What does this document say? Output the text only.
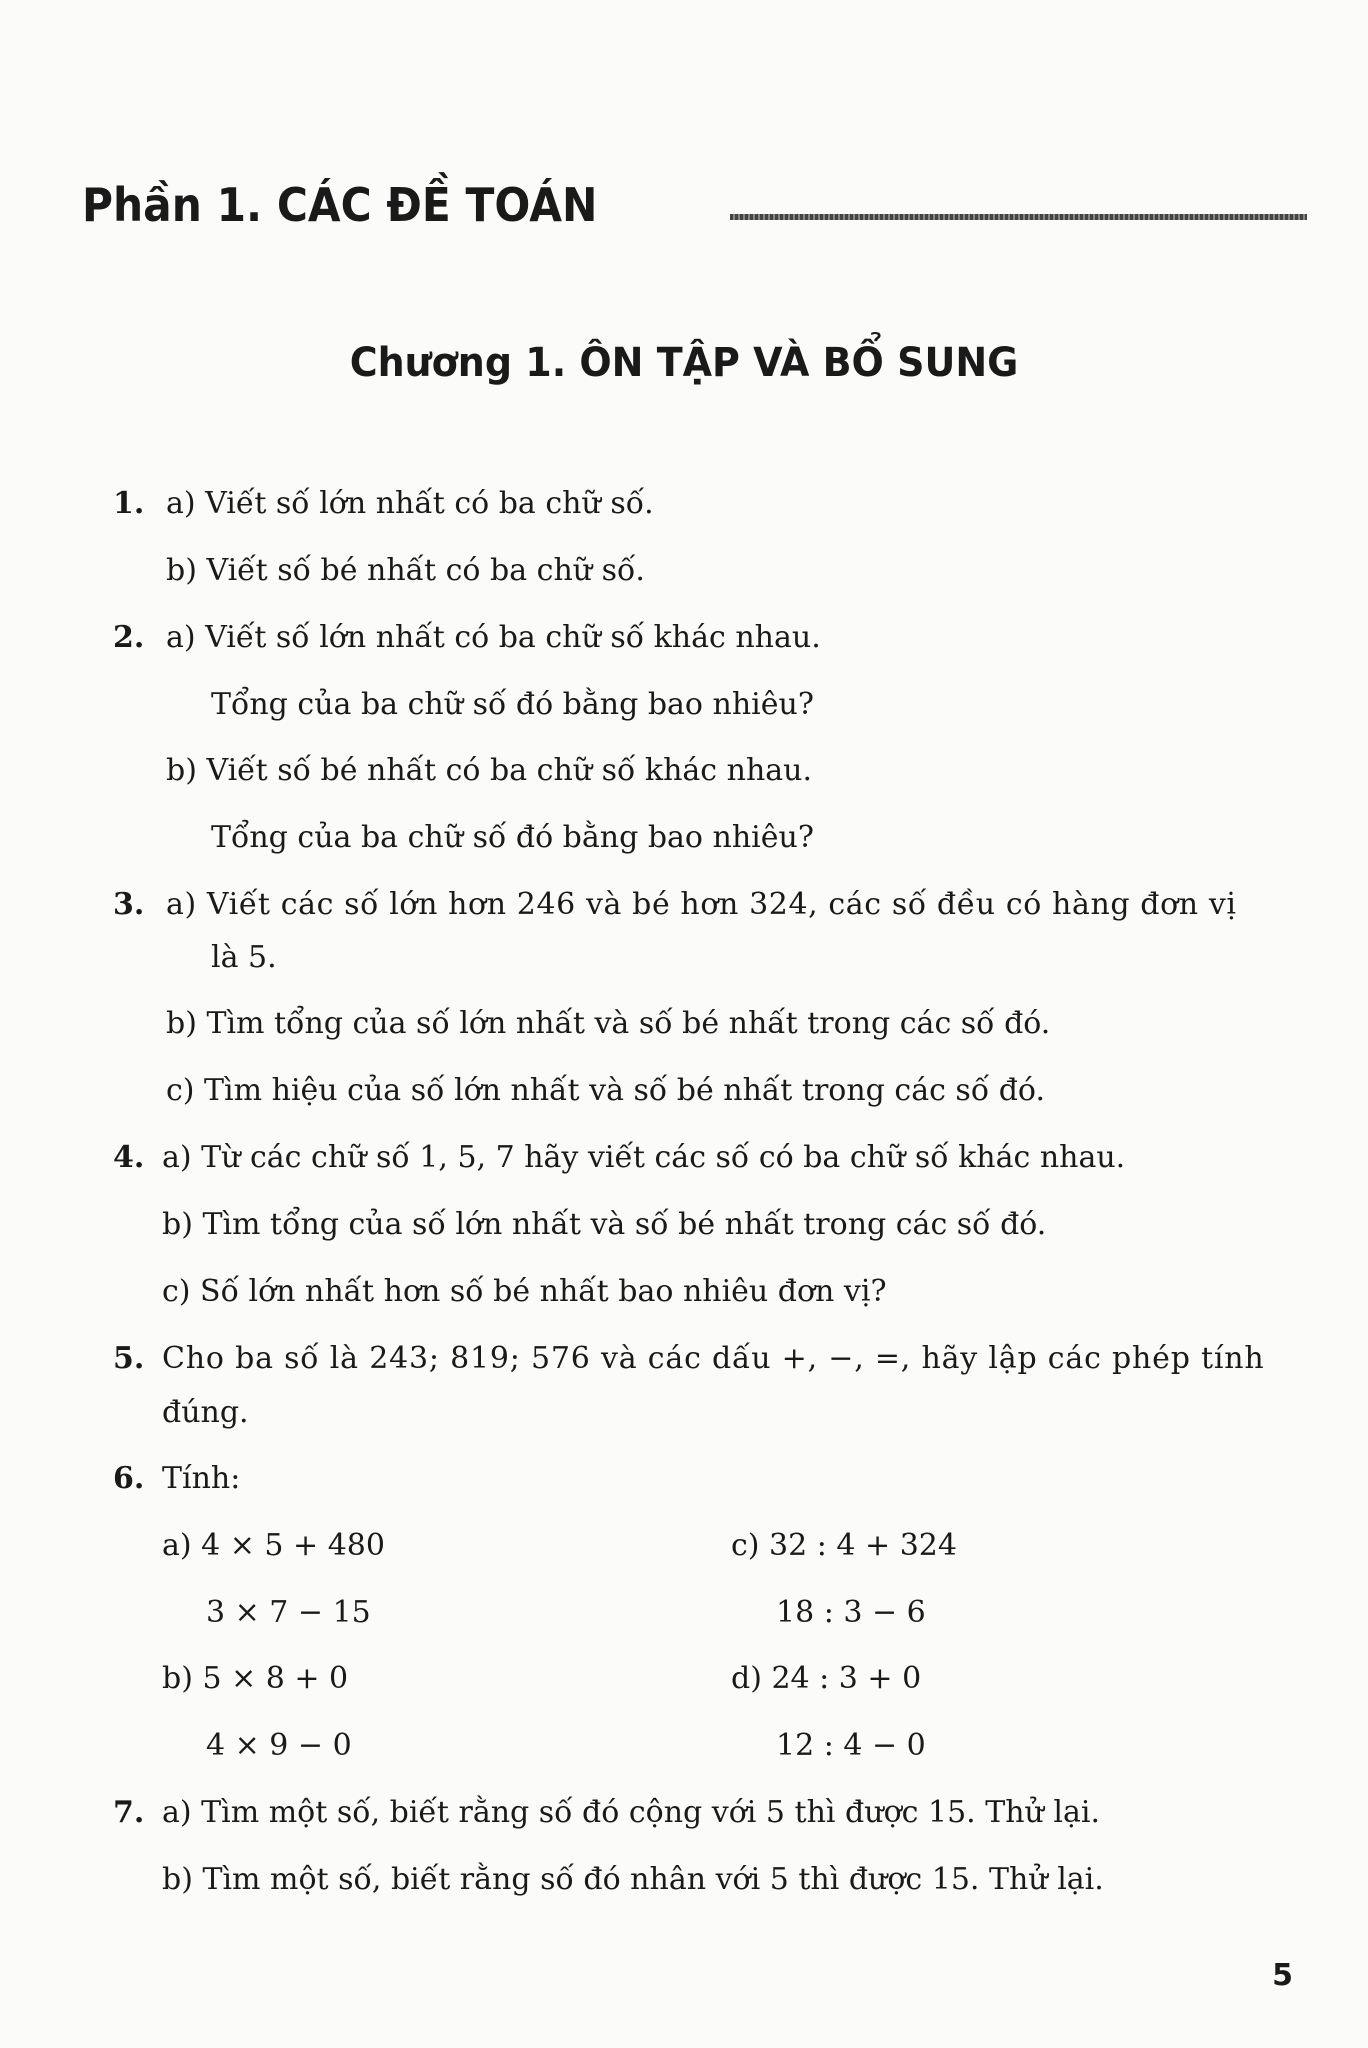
Phần 1. CÁC ĐỀ TOÁN
Chương 1. ÔN TẬP VÀ BỔ SUNG
1. a) Viết số lớn nhất có ba chữ số.
b) Viết số bé nhất có ba chữ số.
2. a) Viết số lớn nhất có ba chữ số khác nhau.
Tổng của ba chữ số đó bằng bao nhiêu?
b) Viết số bé nhất có ba chữ số khác nhau.
Tổng của ba chữ số đó bằng bao nhiêu?
3. a) Viết các số lớn hơn 246 và bé hơn 324, các số đều có hàng đơn vị
là 5.
b) Tìm tổng của số lớn nhất và số bé nhất trong các số đó.
c) Tìm hiệu của số lớn nhất và số bé nhất trong các số đó.
4. a) Từ các chữ số 1, 5, 7 hãy viết các số có ba chữ số khác nhau.
b) Tìm tổng của số lớn nhất và số bé nhất trong các số đó.
c) Số lớn nhất hơn số bé nhất bao nhiêu đơn vị?
5. Cho ba số là 243; 819; 576 và các dấu +, −, =, hãy lập các phép tính
đúng.
6. Tính:
a) 4 × 5 + 480
3 × 7 − 15
b) 5 × 8 + 0
4 × 9 − 0
c) 32 : 4 + 324
18 : 3 − 6
d) 24 : 3 + 0
12 : 4 − 0
7. a) Tìm một số, biết rằng số đó cộng với 5 thì được 15. Thử lại.
b) Tìm một số, biết rằng số đó nhân với 5 thì được 15. Thử lại.
5
